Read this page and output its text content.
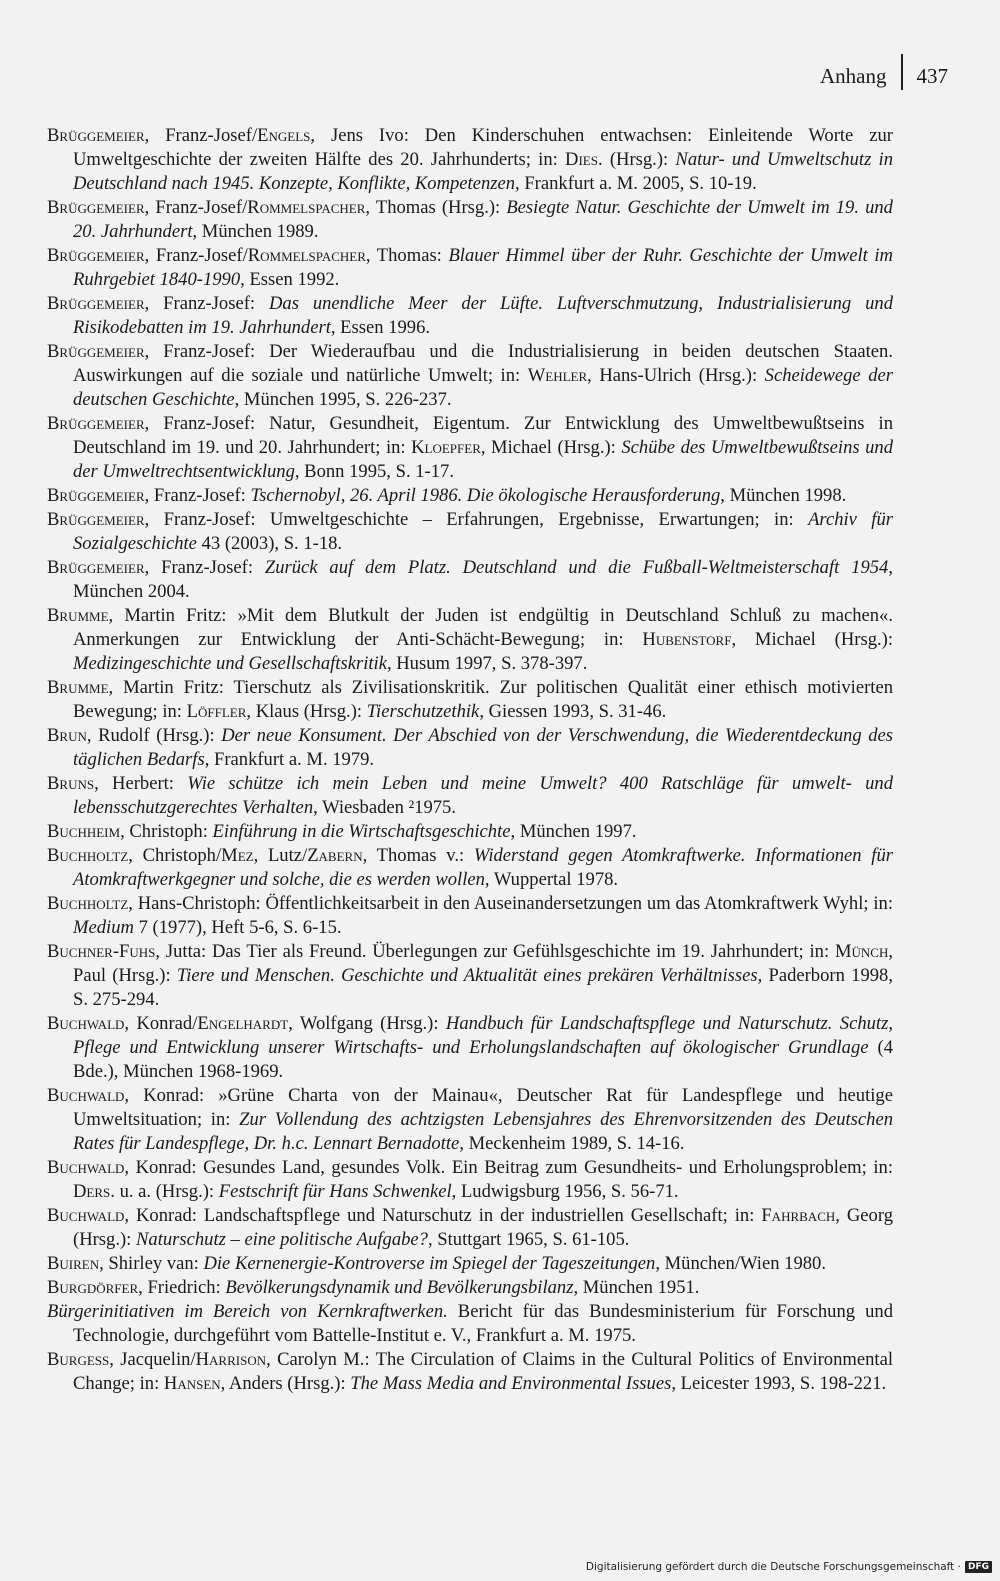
Anhang 437
Brüggemeier, Franz-Josef/Engels, Jens Ivo: Den Kinderschuhen entwachsen: Einleitende Worte zur Umweltgeschichte der zweiten Hälfte des 20. Jahrhunderts; in: Dies. (Hrsg.): Natur- und Umweltschutz in Deutschland nach 1945. Konzepte, Konflikte, Kompetenzen, Frankfurt a. M. 2005, S. 10-19.
Brüggemeier, Franz-Josef/Rommelspacher, Thomas (Hrsg.): Besiegte Natur. Geschichte der Umwelt im 19. und 20. Jahrhundert, München 1989.
Brüggemeier, Franz-Josef/Rommelspacher, Thomas: Blauer Himmel über der Ruhr. Geschichte der Umwelt im Ruhrgebiet 1840-1990, Essen 1992.
Brüggemeier, Franz-Josef: Das unendliche Meer der Lüfte. Luftverschmutzung, Industrialisierung und Risikodebatten im 19. Jahrhundert, Essen 1996.
Brüggemeier, Franz-Josef: Der Wiederaufbau und die Industrialisierung in beiden deutschen Staaten. Auswirkungen auf die soziale und natürliche Umwelt; in: Wehler, Hans-Ulrich (Hrsg.): Scheidewege der deutschen Geschichte, München 1995, S. 226-237.
Brüggemeier, Franz-Josef: Natur, Gesundheit, Eigentum. Zur Entwicklung des Umweltbewußtseins in Deutschland im 19. und 20. Jahrhundert; in: Kloepfer, Michael (Hrsg.): Schübe des Umweltbewußtseins und der Umweltrechtsentwicklung, Bonn 1995, S. 1-17.
Brüggemeier, Franz-Josef: Tschernobyl, 26. April 1986. Die ökologische Herausforderung, München 1998.
Brüggemeier, Franz-Josef: Umweltgeschichte – Erfahrungen, Ergebnisse, Erwartungen; in: Archiv für Sozialgeschichte 43 (2003), S. 1-18.
Brüggemeier, Franz-Josef: Zurück auf dem Platz. Deutschland und die Fußball-Weltmeisterschaft 1954, München 2004.
Brumme, Martin Fritz: »Mit dem Blutkult der Juden ist endgültig in Deutschland Schluß zu machen«. Anmerkungen zur Entwicklung der Anti-Schächt-Bewegung; in: Hubenstorf, Michael (Hrsg.): Medizingeschichte und Gesellschaftskritik, Husum 1997, S. 378-397.
Brumme, Martin Fritz: Tierschutz als Zivilisationskritik. Zur politischen Qualität einer ethisch motivierten Bewegung; in: Löffler, Klaus (Hrsg.): Tierschutzethik, Giessen 1993, S. 31-46.
Brun, Rudolf (Hrsg.): Der neue Konsument. Der Abschied von der Verschwendung, die Wiederentdeckung des täglichen Bedarfs, Frankfurt a. M. 1979.
Bruns, Herbert: Wie schütze ich mein Leben und meine Umwelt? 400 Ratschläge für umwelt- und lebensschutzgerechtes Verhalten, Wiesbaden ²1975.
Buchheim, Christoph: Einführung in die Wirtschaftsgeschichte, München 1997.
Buchholtz, Christoph/Mez, Lutz/Zabern, Thomas v.: Widerstand gegen Atomkraftwerke. Informationen für Atomkraftwerkgegner und solche, die es werden wollen, Wuppertal 1978.
Buchholtz, Hans-Christoph: Öffentlichkeitsarbeit in den Auseinandersetzungen um das Atomkraftwerk Wyhl; in: Medium 7 (1977), Heft 5-6, S. 6-15.
Buchner-Fuhs, Jutta: Das Tier als Freund. Überlegungen zur Gefühlsgeschichte im 19. Jahrhundert; in: Münch, Paul (Hrsg.): Tiere und Menschen. Geschichte und Aktualität eines prekären Verhältnisses, Paderborn 1998, S. 275-294.
Buchwald, Konrad/Engelhardt, Wolfgang (Hrsg.): Handbuch für Landschaftspflege und Naturschutz. Schutz, Pflege und Entwicklung unserer Wirtschafts- und Erholungslandschaften auf ökologischer Grundlage (4 Bde.), München 1968-1969.
Buchwald, Konrad: »Grüne Charta von der Mainau«, Deutscher Rat für Landespflege und heutige Umweltsituation; in: Zur Vollendung des achtzigsten Lebensjahres des Ehrenvorsitzenden des Deutschen Rates für Landespflege, Dr. h.c. Lennart Bernadotte, Meckenheim 1989, S. 14-16.
Buchwald, Konrad: Gesundes Land, gesundes Volk. Ein Beitrag zum Gesundheits- und Erholungsproblem; in: Ders. u. a. (Hrsg.): Festschrift für Hans Schwenkel, Ludwigsburg 1956, S. 56-71.
Buchwald, Konrad: Landschaftspflege und Naturschutz in der industriellen Gesellschaft; in: Fahrbach, Georg (Hrsg.): Naturschutz – eine politische Aufgabe?, Stuttgart 1965, S. 61-105.
Buiren, Shirley van: Die Kernenergie-Kontroverse im Spiegel der Tageszeitungen, München/Wien 1980.
Burgdörfer, Friedrich: Bevölkerungsdynamik und Bevölkerungsbilanz, München 1951.
Bürgerinitiativen im Bereich von Kernkraftwerken. Bericht für das Bundesministerium für Forschung und Technologie, durchgeführt vom Battelle-Institut e. V., Frankfurt a. M. 1975.
Burgess, Jacquelin/Harrison, Carolyn M.: The Circulation of Claims in the Cultural Politics of Environmental Change; in: Hansen, Anders (Hrsg.): The Mass Media and Environmental Issues, Leicester 1993, S. 198-221.
Digitalisierung gefördert durch die Deutsche Forschungsgemeinschaft · DFG
